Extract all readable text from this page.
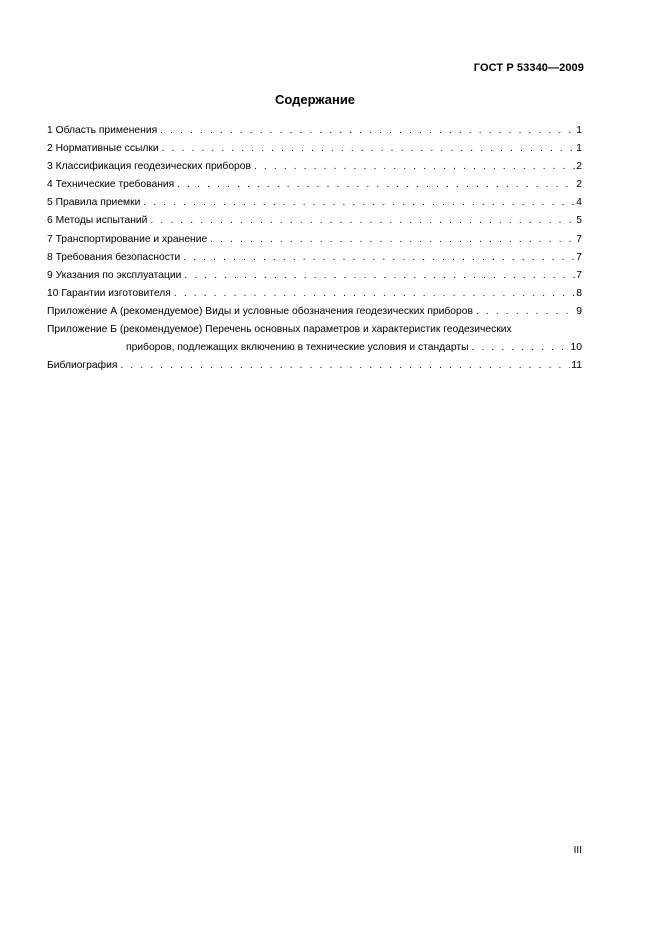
ГОСТ Р 53340—2009
Содержание
1 Область применения . . .	1
2 Нормативные ссылки . . .	1
3 Классификация геодезических приборов . . .	2
4 Технические требования . . .	2
5 Правила приемки . . .	4
6 Методы испытаний . . .	5
7 Транспортирование и хранение . . .	7
8 Требования безопасности . . .	7
9 Указания по эксплуатации . . .	7
10 Гарантии изготовителя . . .	8
Приложение А (рекомендуемое) Виды и условные обозначения геодезических приборов . . .	9
Приложение Б (рекомендуемое) Перечень основных параметров и характеристик геодезических
приборов, подлежащих включению в технические условия и стандарты . . .	10
Библиография . . .	11
III
